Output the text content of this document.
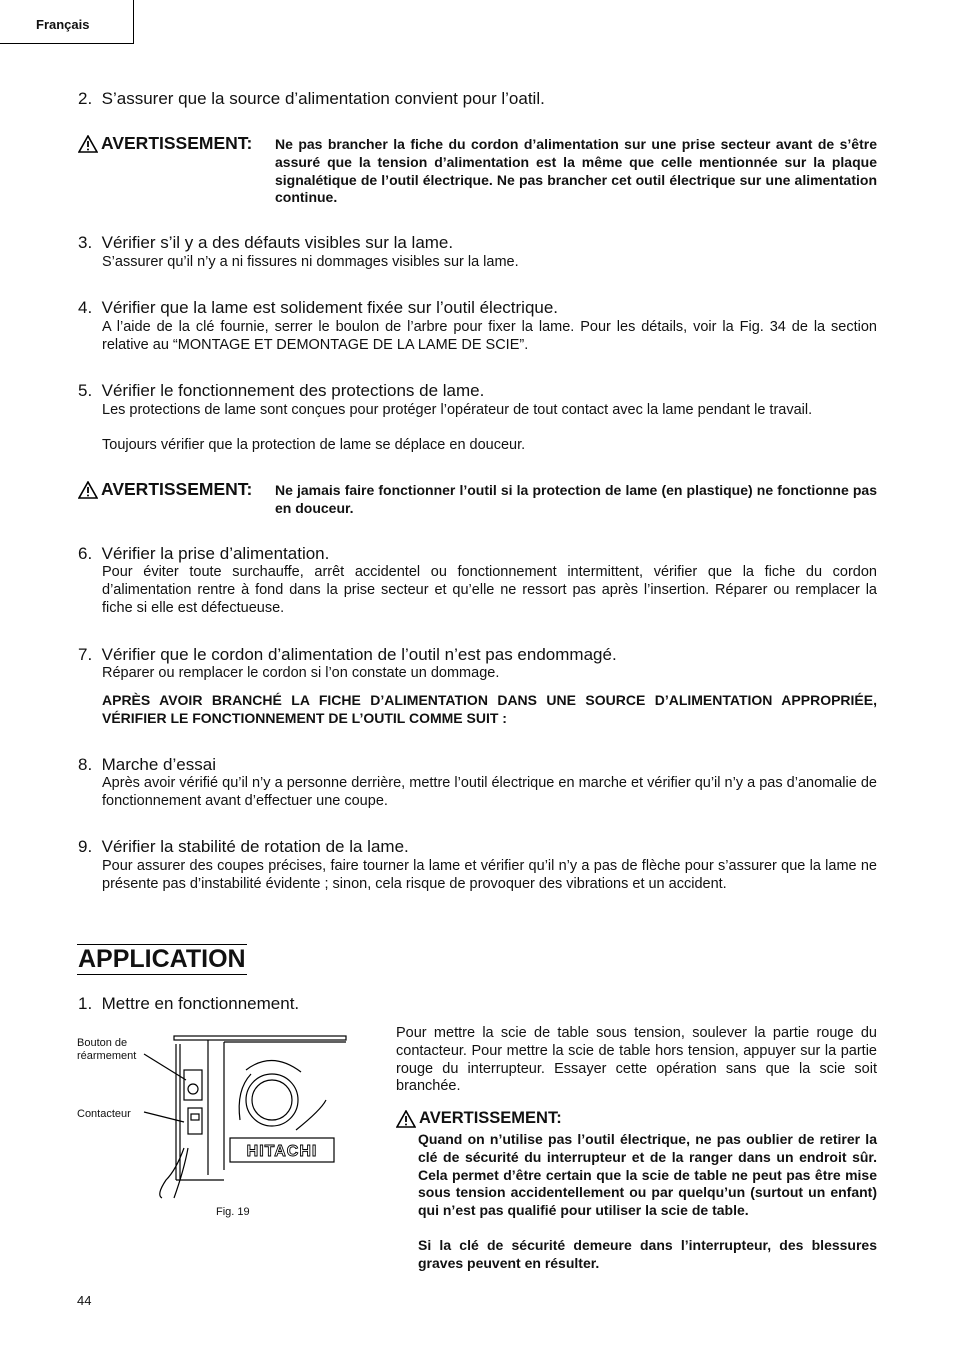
Français
2. S’assurer que la source d’alimentation convient pour l’oatil.
AVERTISSEMENT: Ne pas brancher la fiche du cordon d’alimentation sur une prise secteur avant de s’être assuré que la tension d’alimentation est la même que celle mentionnée sur la plaque signalétique de l’outil électrique. Ne pas brancher cet outil électrique sur une alimentation continue.
3. Vérifier s’il y a des défauts visibles sur la lame.
S’assurer qu’il n’y a ni fissures ni dommages visibles sur la lame.
4. Vérifier que la lame est solidement fixée sur l’outil électrique.
A l’aide de la clé fournie, serrer le boulon de l’arbre pour fixer la lame. Pour les détails, voir la Fig. 34 de la section relative au “MONTAGE ET DEMONTAGE DE LA LAME DE SCIE”.
5. Vérifier le fonctionnement des protections de lame.
Les protections de lame sont conçues pour protéger l’opérateur de tout contact avec la lame pendant le travail.
Toujours vérifier que la protection de lame se déplace en douceur.
AVERTISSEMENT: Ne jamais faire fonctionner l’outil si la protection de lame (en plastique) ne fonctionne pas en douceur.
6. Vérifier la prise d’alimentation.
Pour éviter toute surchauffe, arrêt accidentel ou fonctionnement intermittent, vérifier que la fiche du cordon d’alimentation rentre à fond dans la prise secteur et qu’elle ne ressort pas après l’insertion. Réparer ou remplacer la fiche si elle est défectueuse.
7. Vérifier que le cordon d’alimentation de l’outil n’est pas endommagé.
Réparer ou remplacer le cordon si l’on constate un dommage.
APRÈS AVOIR BRANCHÉ LA FICHE D’ALIMENTATION DANS UNE SOURCE D’ALIMENTATION APPROPRIÉE, VÉRIFIER LE FONCTIONNEMENT DE L’OUTIL COMME SUIT :
8. Marche d’essai
Après avoir vérifié qu’il n’y a personne derrière, mettre l’outil électrique en marche et vérifier qu’il n’y a pas d’anomalie de fonctionnement avant d’effectuer une coupe.
9. Vérifier la stabilité de rotation de la lame.
Pour assurer des coupes précises, faire tourner la lame et vérifier qu’il n’y a pas de flèche pour s’assurer que la lame ne présente pas d’instabilité évidente ; sinon, cela risque de provoquer des vibrations et un accident.
APPLICATION
1. Mettre en fonctionnement.
Bouton de réarmement
Contacteur
HITACHI
Fig. 19
Pour mettre la scie de table sous tension, soulever la partie rouge du contacteur. Pour mettre la scie de table hors tension, appuyer sur la partie rouge du interrupteur. Essayer cette opération sans que la scie soit branchée.
AVERTISSEMENT:
Quand on n’utilise pas l’outil électrique, ne pas oublier de retirer la clé de sécurité du interrupteur et de la ranger dans un endroit sûr. Cela permet d’être certain que la scie de table ne peut pas être mise sous tension accidentellement ou par quelqu’un (surtout un enfant) qui n’est pas qualifié pour utiliser la scie de table.
Si la clé de sécurité demeure dans l’interrupteur, des blessures graves peuvent en résulter.
44
